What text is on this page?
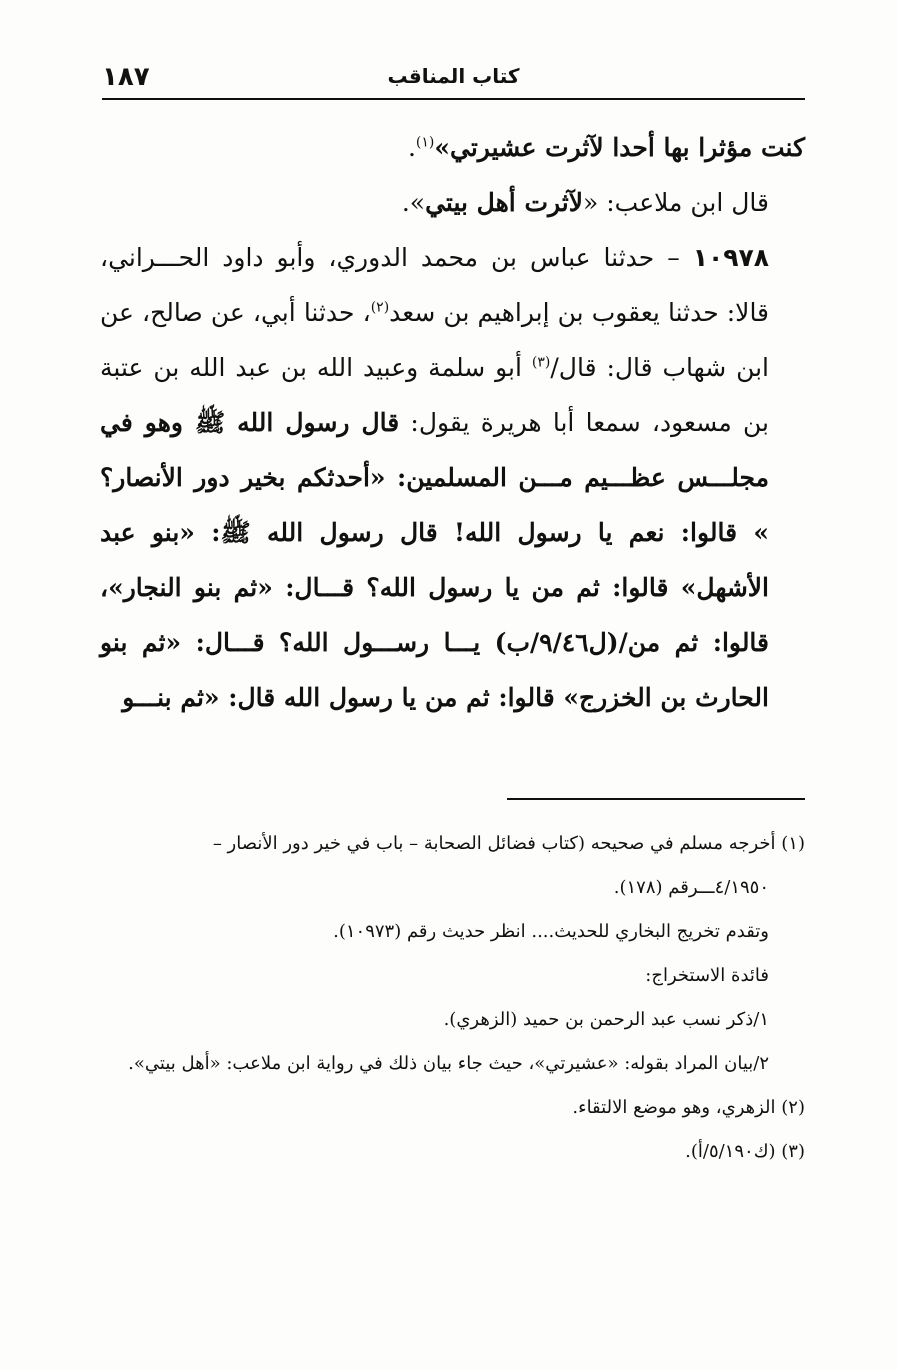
١٨٧	كتاب المناقب

كنت مؤثرا بها أحدا لآثرت عشيرتي»$^{(١)}$.

قال ابن ملاعب: «لآثرت أهل بيتي».

١٠٩٧٨ – حدثنا عباس بن محمد الدوري، وأبو داود الحـــراني، قالا: حدثنا يعقوب بن إبراهيم بن سعد$^{(٢)}$، حدثنا أبي، عن صالح، عن ابن شهاب قال: قال/$^{(٣)}$ أبو سلمة وعبيد الله بن عبد الله بن عتبة بن مسعود، سمعا أبا هريرة يقول: قال رسول الله ﷺ وهو في مجلـــس عظـــيم مـــن المسلمين: «أحدثكم بخير دور الأنصار؟ » قالوا: نعم يا رسول الله! قال رسول الله ﷺ: «بنو عبد الأشهل» قالوا: ثم من يا رسول الله؟ قـــال: «ثم بنو النجار»، قالوا: ثم من/(ل٩/٤٦/ب) يـــا رســـول الله؟ قـــال: «ثم بنو الحارث بن الخزرج» قالوا: ثم من يا رسول الله قال: «ثم بنـــو

(١) أخرجه مسلم في صحيحه (كتاب فضائل الصحابة – باب في خير دور الأنصار –

٤/١٩٥٠ـــرقم (١٧٨).

وتقدم تخريج البخاري للحديث.... انظر حديث رقم (١٠٩٧٣).

فائدة الاستخراج:

١/ذكر نسب عبد الرحمن بن حميد (الزهري).

٢/بيان المراد بقوله: «عشيرتي»، حيث جاء بيان ذلك في رواية ابن ملاعب: «أهل بيتي».

(٢) الزهري، وهو موضع الالتقاء.

(٣) (ك٥/١٩٠/أ).
